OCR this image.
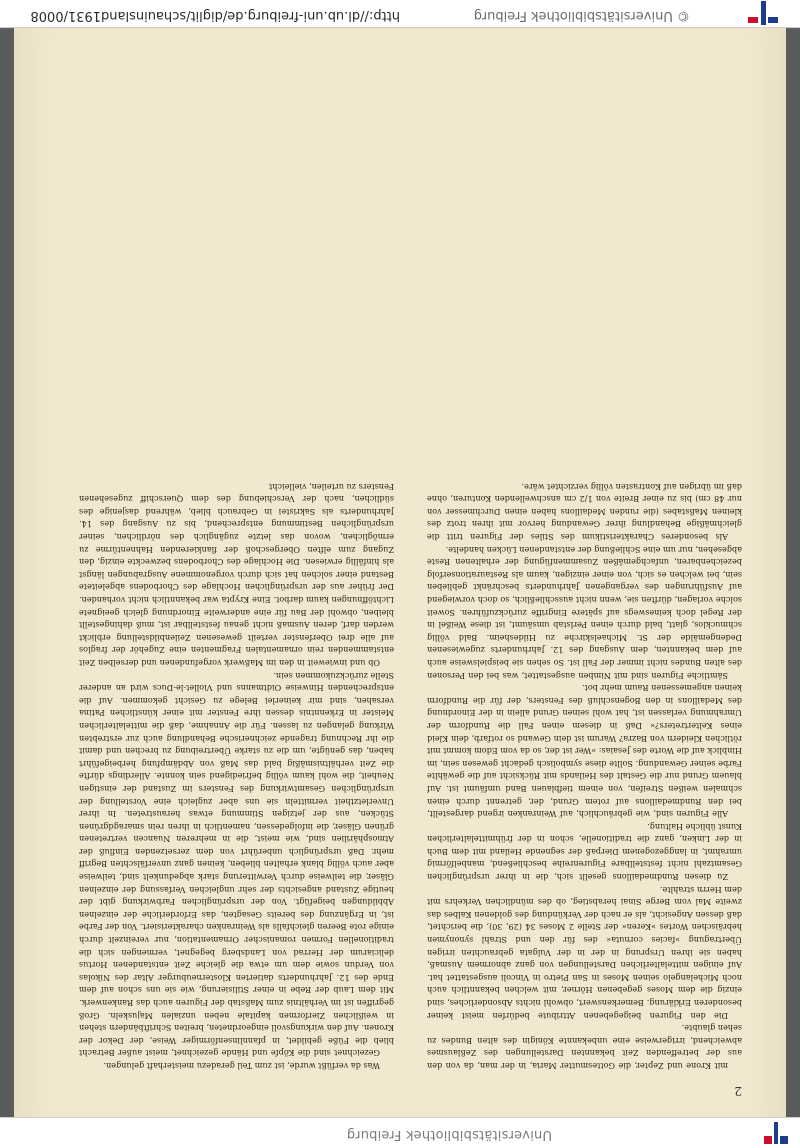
2

mit Krone und Zepter, die Gottesmutter Maria, in der man, da von den aus der betreffenden Zeit bekannten Darstellungen des Zeßlausmes abweichend, irrigerweise eine unbekannte Königin des alten Bundes zu sehen glaubte.

Die den Figuren beigegebenen Attribute bedürfen meist keiner besonderen Erklärung. Bemerkenswert, obwohl nichts Absonderliches, sind einzig die dem Moses gegebenen Hörner, mit welchen bekanntlich auch noch Michelangelo seinen Moses in San Pietro in Vincoli ausgestattet hat. Auf einigen mittelalterlichen Darstellungen von ganz abnormem Ausmaß, haben sie ihren Ursprung in der in der Vulgata gebrauchten irrigen Übertragung »facies cornuta« des für den und Strahl synonymen hebräischen Wortes »Keren« der Stelle 2 Moses 34 (29, 30), die berichtet, daß dessen Angesicht, als er nach der Verkündung des goldenen Kalbes das zweite Mal vom Berge Sinai herabstieg, ob des mündlichen Verkehrs mit dem Herrn strahlte.

Zu diesen Rundmedaillons gesellt sich, die in ihrer ursprünglichen Gesamtzahl nicht feststellbare Figurenreihe beschließend, manbelförmig umrahmt, in langgezogenem Dierpaß der segnende Heiland mit dem Buch in der Linken, ganz die traditionelle, schon in der frühmittelalterlichen Kunst übliche Haltung.

Alle Figuren sind, wie gebräuchlich, auf Weinranken irgend dargestellt, bei den Rundmedaillons auf rotem Grund, der, getrennt durch einen schmalen weißen Streifen, von einem tiefblauen Band umfäumt ist. Auf blauem Grund nur die Gestalt des Heilands mit Rücksicht auf die gewählte Farbe seiner Gewandung. Sollte diese symbolisch gedacht gewesen sein, im Hinblick auf die Worte des Jesaias: »Wer ist der, so da vom Edom kommt mit rötlichen Kleidern von Bazra? Warum ist dein Gewand so rotfarb, dein Kleid eines Keltertreters?« Daß in diesem einen Fall die Rundform der Umrahmung verlassen ist, hat wohl seinen Grund allein in der Einordnung des Medaillons in den Bogenschluß des Fensters, der für die Rundform keinen angemessenen Raum mehr bot.

Sämtliche Figuren sind mit Nimben ausgestattet, was bei den Personen des alten Bundes nicht immer der Fall ist. So sehen sie beispielsweise auch auf dem bekannten, dem Ausgang des 12. Jahrhunderts zugewiesenen Dedengemälde der St. Michaelskirche zu Hildesheim. Bald völlig schmucklos, glatt, bald durch einen Perlstab umsäumt, ist diese Weißel in der Regel doch keineswegs auf spätere Eingriffe zurückzuführen. Soweit solche vorlagen, dürften sie, wenn nicht ausschließlich, so doch vorwiegend auf Ausführungen des vergangenen Jahrhunderts beschränkt geblieben sein, bei welchen es sich, von einer einzigen, kaum als Restaurationserfolg bezeichenbaren, unfachgemäßen Zusammenfügung der erhaltenen Reste abgesehen, nur um eine Schließung der entstandenen Lücken handelte.

Als besonderes Charakteristikum des Stiles der Figuren tritt die gleichmäßige Behandlung ihrer Gewandung hervor mit ihren trotz des kleinen Maßstabes (die runden Medaillons haben einen Durchmesser von nur 48 cm) bis zu einer Breite von 1/2 cm anschwellenden Konturen, ohne daß im übrigen auf Kontrasten völlig verzichtet wäre.

Was da verfüßt wurde, ist zum Teil geradezu meisterhaft gelungen.

Gezeichnet sind die Köpfe und Hände gezeichnet, meist außer Betracht blieb die Füße gebildet, in pfannlinsenförmiger Weise, der Dekor der Kronen. Auf den wirkungsvoll eingeordneten, breiten Schriftbändern stehen in weißlichen Zierformen kapitale neben unzialen Majuskeln. Groß gegriffen ist im Verhältnis zum Maßstab der Figuren auch das Rankenwerk. Mit dem Laub der Rebe in einer Stilisierung, wie sie uns schon auf dem Ende des 12. Jahrhunderts datierten Klosterneuburger Altar des Nikolas von Verdun sowie dem um etwa die gleiche Zeit entstandenen Hortus deliciarum der Herrad von Landsberg begegnet, vermengen sich die traditionellen Formen romanischer Ornamentation, nur vereinzelt durch einige rote Beeren gleichfalls als Weinranken charakterisiert. Von der Farbe ist, in Ergänzung des bereits Gesagten, das Erforderliche der einzelnen Abbildungen beigefügt. Von der ursprünglichen Farbwirkung gibt der heutige Zustand angesichts der sehr ungleichen Verfassung der einzelnen Gläser, die teilweise durch Verwitterung stark abgedunkelt sind, teilweise aber auch völlig blank erhalten blieben, keinen ganz unverfälschten Begriff mehr. Daß ursprünglich unberührt von dem zersetzenden Einfluß der Atmosphärilien sind, wie meist, die in mehreren Nuancen vertretenen grünen Gläser, die infolgedessen, namentlich in ihren rein smaragdgrünen Stücken, aus der jetzigen Stimmung etwas heraustreten. In ihrer Unverletztheit vermitteln sie uns aber zugleich eine Vorstellung der ursprünglichen Gesamtwirkung des Fensters im Zustand der einstigen Neuheit, die wohl kaum völlig befriedigend sein konnte. Allerdings dürfte die Zeit verhältnismäßig bald das Maß von Abdämpfung herbeigeführt haben, das genügte, um die zu starke Übertreibung zu brechen und damit die ihr Rechnung tragende zeichnerische Behandlung auch zur erstrebten Wirkung gelangen zu lassen. Für die Annahme, daß die mittelalterlichen Meister in Erkenntnis dessen ihre Fenster mit einer künstlichen Patina versahen, sind mir keinerlei Belege zu Gesicht gekommen. Auf die entsprechenden Hinweise Oidtmanns und Viollet-le-Ducs wird an anderer Stelle zurückzukommen sein.

Ob und inwieweit in den im Maßwerk vorgefundenen und derselben Zeit entstammenden rein ornamentalen Fragmenten eine Zugehör der fraglos auf alle drei Oberfenster verteilt gewesenen Zeilenbildstellung erblickt werden darf, deren Ausmaß nicht genau feststellbar ist, muß dahingestellt bleiben, obwohl der Bau für eine anderweite Einordnung gleich geeignete Lichtöffnungen kaum darbot. Eine Krypta war bekanntlich nicht vorhanden. Der früher aus der ursprünglichen Hochlage des Chorbodens abgeleitete Bestand einer solchen hat sich durch vorgenommene Ausgrabungen längst als hinfällig erwiesen. Die Hochlage des Chorbodens bezweckte einzig, den Zugang zum elften Obergeschoß der flankierenden Hahnentürme zu ermöglichen, wovon das letzte zugänglich des nördlichen, seiner ursprünglichen Bestimmung entsprechend, bis zu Ausgang des 14. Jahrhunderts als Sakristei in Gebrauch blieb, während dasjenige des südlichen, nach der Verschiebung des dem Querschiff zugesehenen Fensters zu urteilen, vielleicht

Universitätsbibliothek Freiburg
© Universitätsbibliothek Freiburg
http://dl.ub.uni-freiburg.de/diglit/schauinsland1931/0008
